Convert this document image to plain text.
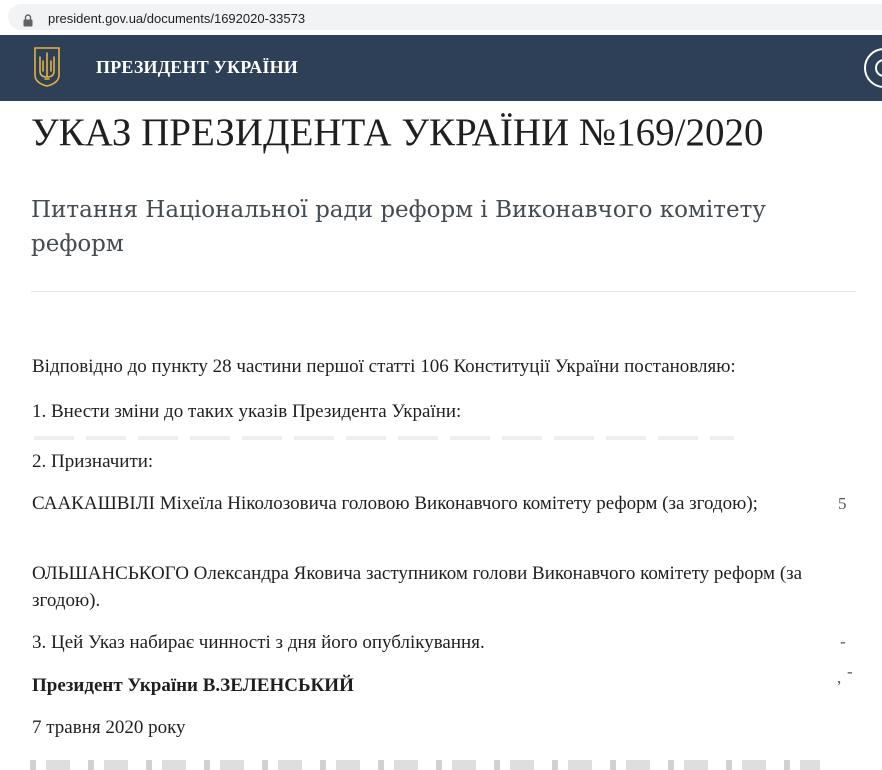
president.gov.ua/documents/1692020-33573
ПРЕЗИДЕНТ УКРАЇНИ
УКАЗ ПРЕЗИДЕНТА УКРАЇНИ №169/2020
Питання Національної ради реформ і Виконавчого комітету реформ
Відповідно до пункту 28 частини першої статті 106 Конституції України постановляю:
1. Внести зміни до таких указів Президента України:
2. Призначити:
СААКАШВІЛІ Міхеїла Ніколозовича головою Виконавчого комітету реформ (за згодою);
ОЛЬШАНСЬКОГО Олександра Яковича заступником голови Виконавчого комітету реформ (за згодою).
3. Цей Указ набирає чинності з дня його опублікування.
Президент України В.ЗЕЛЕНСЬКИЙ
7 травня 2020 року
5
-
-
,
